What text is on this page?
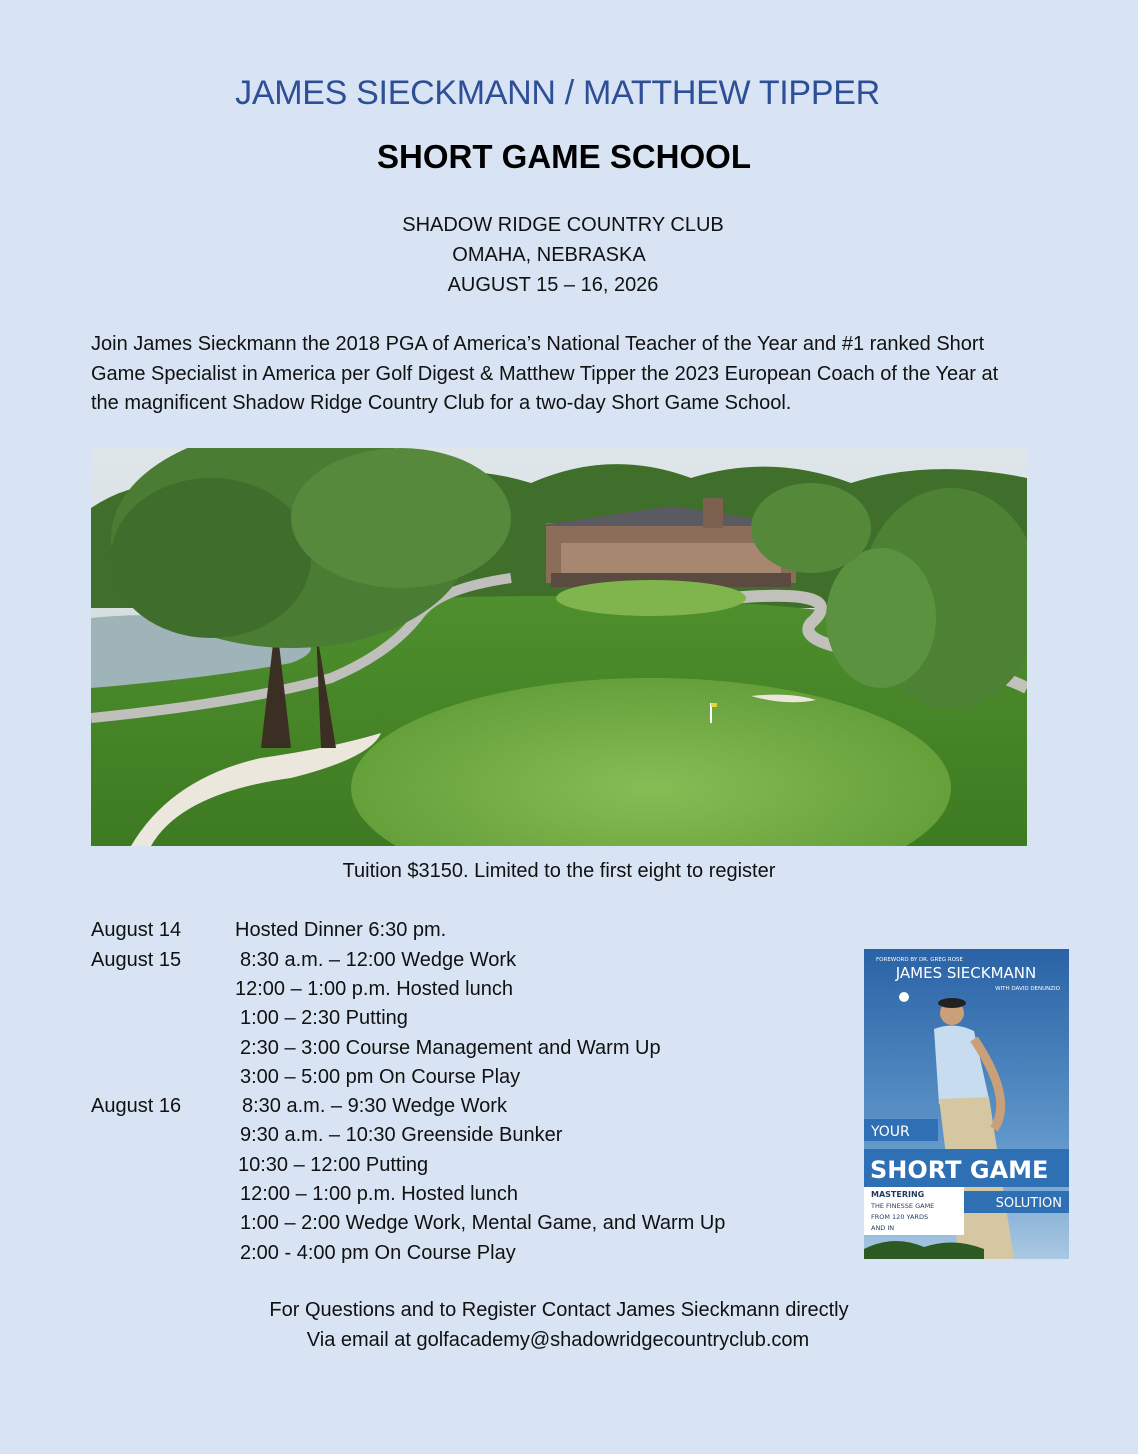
JAMES SIECKMANN / MATTHEW TIPPER
SHORT GAME SCHOOL
SHADOW RIDGE COUNTRY CLUB
OMAHA, NEBRASKA
AUGUST 15 – 16, 2026
Join James Sieckmann the 2018 PGA of America’s National Teacher of the Year and #1 ranked Short Game Specialist in America per Golf Digest & Matthew Tipper the 2023 European Coach of the Year at the magnificent Shadow Ridge Country Club for a two-day Short Game School.
Tuition $3150. Limited to the first eight to register
August 14
August 15
August 16
Hosted Dinner 6:30 pm.
8:30 a.m. – 12:00 Wedge Work
12:00 – 1:00 p.m. Hosted lunch
1:00 – 2:30 Putting
2:30 – 3:00 Course Management and Warm Up
3:00 – 5:00 pm On Course Play
8:30 a.m. – 9:30 Wedge Work
9:30 a.m. – 10:30 Greenside Bunker
10:30 – 12:00 Putting
12:00 – 1:00 p.m. Hosted lunch
1:00 – 2:00 Wedge Work, Mental Game, and Warm Up
2:00 - 4:00 pm On Course Play
FOREWORD BY DR. GREG ROSE
JAMES SIECKMANN
WITH DAVID DENUNZIO
YOUR
SHORT GAME
SOLUTION
MASTERING
THE FINESSE GAME
FROM 120 YARDS
AND IN
For Questions and to Register Contact James Sieckmann directly
Via email at golfacademy@shadowridgecountryclub.com
